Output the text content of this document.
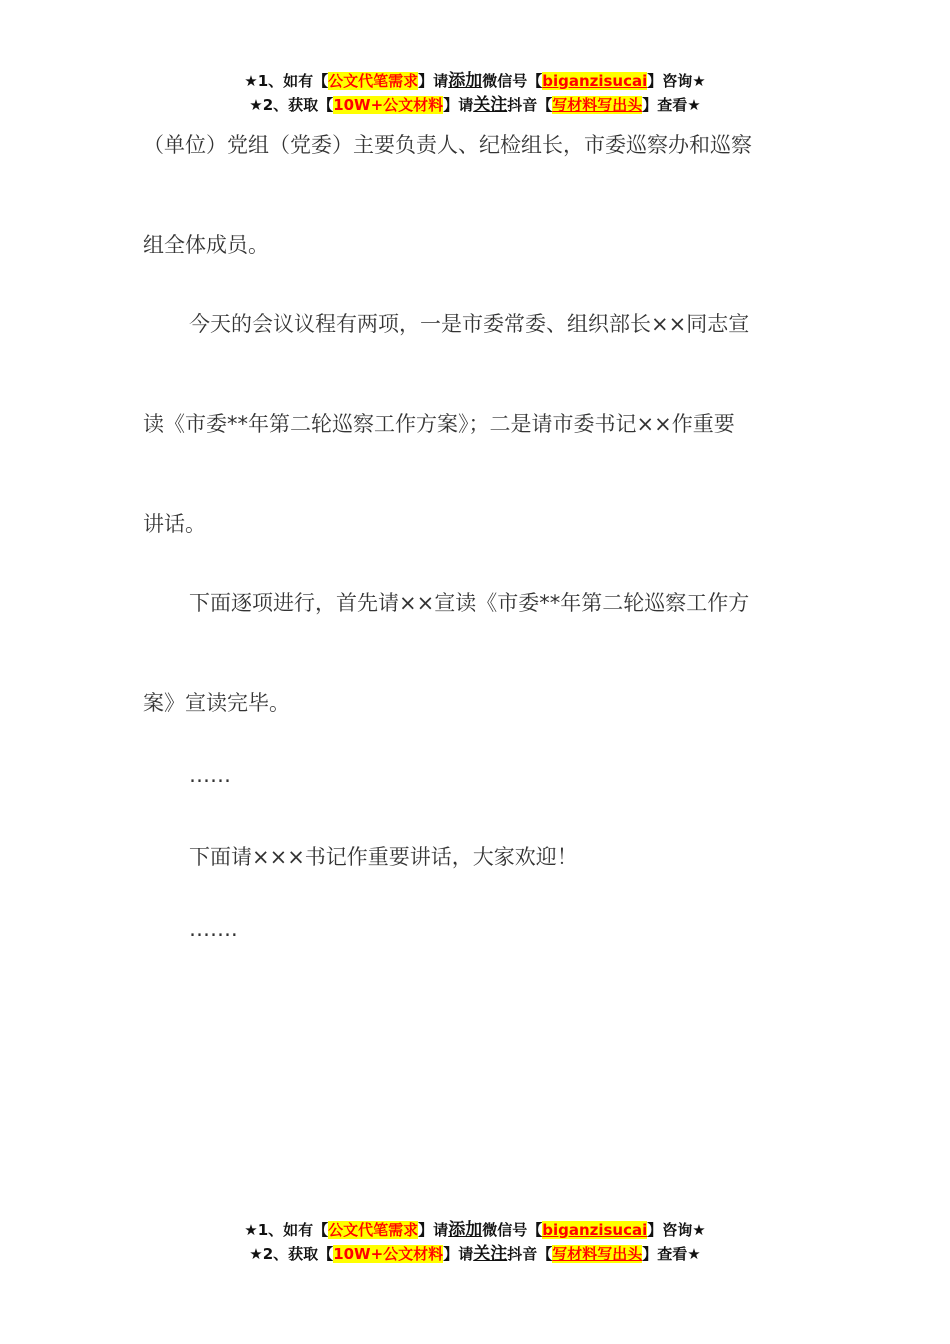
★1、如有【公文代笔需求】请添加微信号【biganzisucai】咨询★
★2、获取【10W+公文材料】请关注抖音【写材料写出头】查看★
（单位）党组（党委）主要负责人、纪检组长，市委巡察办和巡察
组全体成员。
今天的会议议程有两项，一是市委常委、组织部长××同志宣
读《市委**年第二轮巡察工作方案》；二是请市委书记××作重要
讲话。
下面逐项进行，首先请××宣读《市委**年第二轮巡察工作方
案》宣读完毕。
……
下面请×××书记作重要讲话，大家欢迎！
…….
★1、如有【公文代笔需求】请添加微信号【biganzisucai】咨询★
★2、获取【10W+公文材料】请关注抖音【写材料写出头】查看★
